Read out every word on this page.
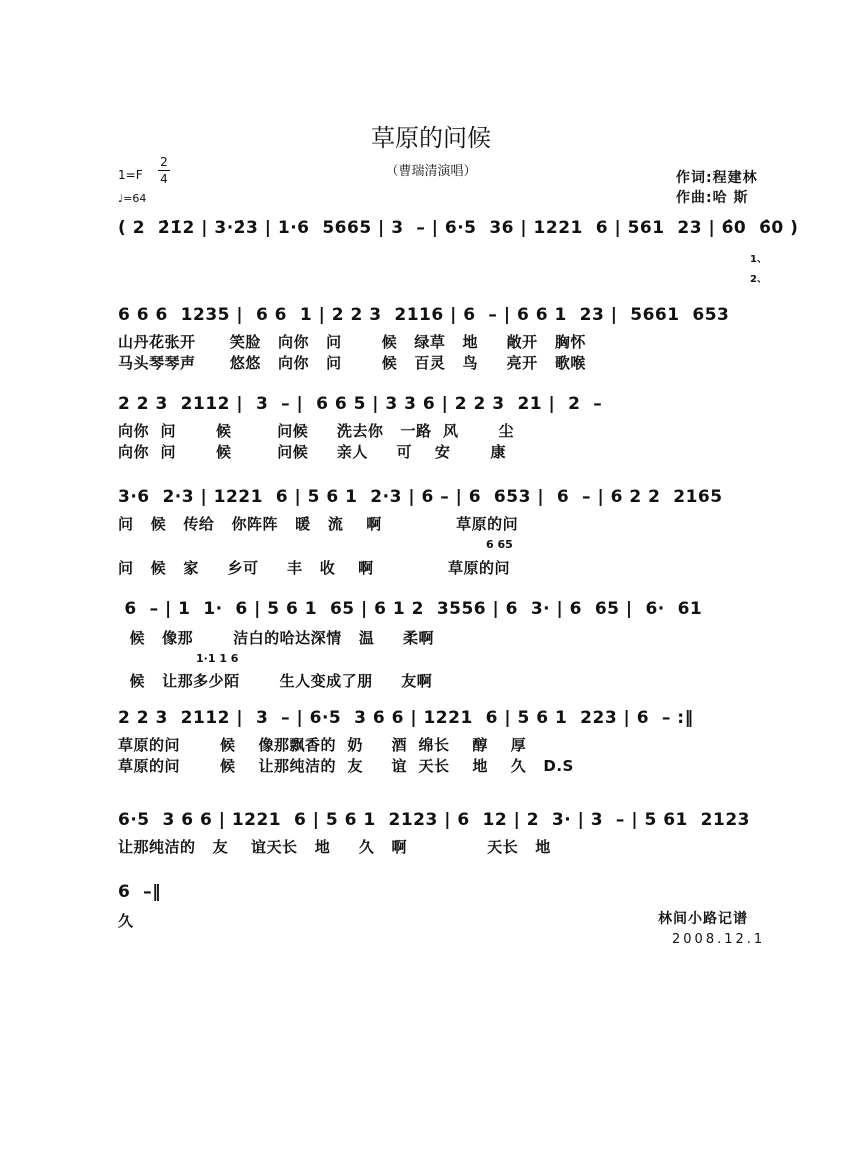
草原的问候
（曹瑞清演唱）	作词:程建林
作曲:哈 斯
1=F
2
4
♩=64
( 2  2̇1̇2 | 3·2̇3 | 1·6  5665 | 3  – | 6·5  36 | 1221  6 | 561  23 | 6̂0  6̂0 )
1、
2、
6 6 6  1235 |  6 6  1 | 2 2 3  2116 | 6  – | 6 6 1  23 |  5661  653
山丹花张开      笑脸   向你   问       候   绿草   地     敞开   胸怀
马头琴琴声      悠悠   向你   问       候   百灵   鸟     亮开   歌喉
2 2 3  2112 |  3  – |  6 6 5 | 3 3 6 | 2 2 3  21 |  2  –
向你  问       候        问候     洗去你   一路  风       尘
向你  问       候        问候     亲人     可    安       康
3·6  2·3 | 1221  6 | 5 6 1  2·3 | 6 – | 6  653 |  6  – | 6 2 2  2165
问   候   传给   你阵阵   暖   流    啊             草原的问
6 65
问   候   家     乡可     丰   收    啊             草原的问
6  – | 1  1·  6 | 5 6 1  65 | 6 1 2  3556 | 6  3· | 6  65 |  6·  61
候   像那       洁白的哈达深情   温     柔啊
1·1 1 6
候   让那多少陌       生人变成了朋     友啊
2 2 3  2112 |  3  – | 6·5  3 6 6 | 1221  6 | 5 6 1  223 | 6  – :‖
草原的问       候    像那飘香的  奶     酒  绵长    醇    厚
草原的问       候    让那纯洁的  友     谊  天长    地    久   D.S
6·5  3 6 6 | 1221  6 | 5 6 1  2123 | 6  12 | 2  3· | 3  – | 5 61  2123
让那纯洁的   友    谊天长   地     久   啊              天长   地
6  –‖
久	林间小路记谱
2008.12.1
